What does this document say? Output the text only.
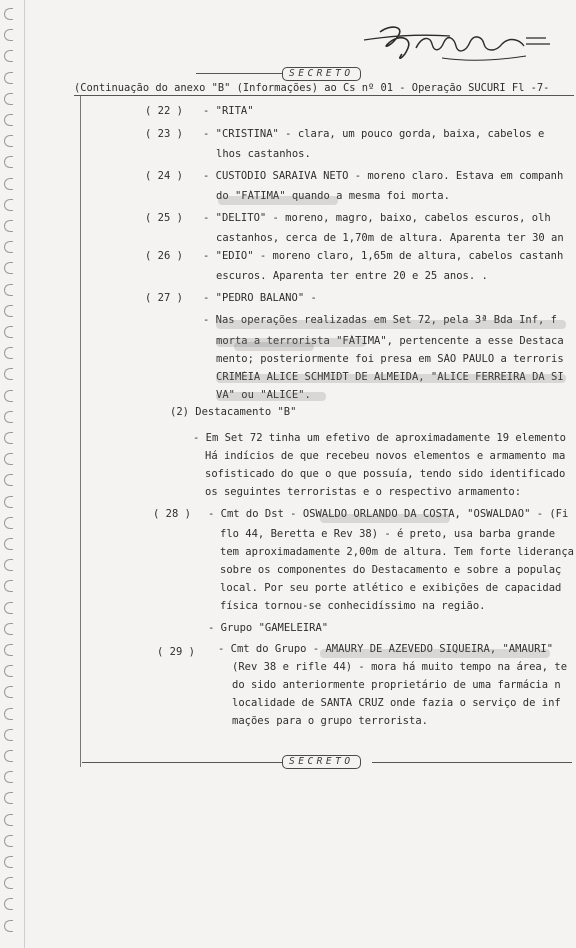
SECRETO
(Continuação do anexo "B" (Informações) ao Cs nº 01 - Operação SUCURI Fl -7-
( 22 ) - "RITA"
( 23 ) - "CRISTINA" - clara, um pouco gorda, baixa, cabelos e
lhos castanhos.
( 24 ) - CUSTÓDIO SARAIVA NETO - moreno claro. Estava em companh
do "FÁTIMA" quando a mesma foi morta.
( 25 ) - "DELITO" - moreno, magro, baixo, cabelos escuros, olh
castanhos, cerca de 1,70m de altura. Aparenta ter 30 an
( 26 ) - "EDIO" - moreno claro, 1,65m de altura, cabelos castanh
escuros. Aparenta ter entre 20 e 25 anos. .
( 27 ) - "PEDRO BALANO" -
- Nas operações realizadas em Set 72, pela 3ª Bda Inf, f
morta a terrorista "FÁTIMA", pertencente a esse Destaca
mento; posteriormente foi presa em SÃO PAULO a terroris
CRIMÉIA ALICE SCHMIDT DE ALMEIDA, "ALICE FERREIRA DA SI
VA" ou "ALICE".
(2) Destacamento "B"
- Em Set 72 tinha um efetivo de aproximadamente 19 elemento
Há indícios de que recebeu novos elementos e armamento ma
sofisticado do que o que possuía, tendo sido identificado
os seguintes terroristas e o respectivo armamento:
( 28 ) - Cmt do Dst - OSWALDO ORLANDO DA COSTA, "OSWALDÃO" - (Fi
flo 44, Beretta e Rev 38) - é preto, usa barba grande
tem aproximadamente 2,00m de altura. Tem forte liderança
sobre os componentes do Destacamento e sobre a populaç
local. Por seu porte atlético e exibições de capacidad
física tornou-se conhecidíssimo na região.
- Grupo "GAMELEIRA"
( 29 ) - Cmt do Grupo - AMAURY DE AZEVEDO SIQUEIRA, "AMAURI"
(Rev 38 e rifle 44) - mora há muito tempo na área, te
do sido anteriormente proprietário de uma farmácia n
localidade de SANTA CRUZ onde fazia o serviço de inf
mações para o grupo terrorista.
SECRETO
